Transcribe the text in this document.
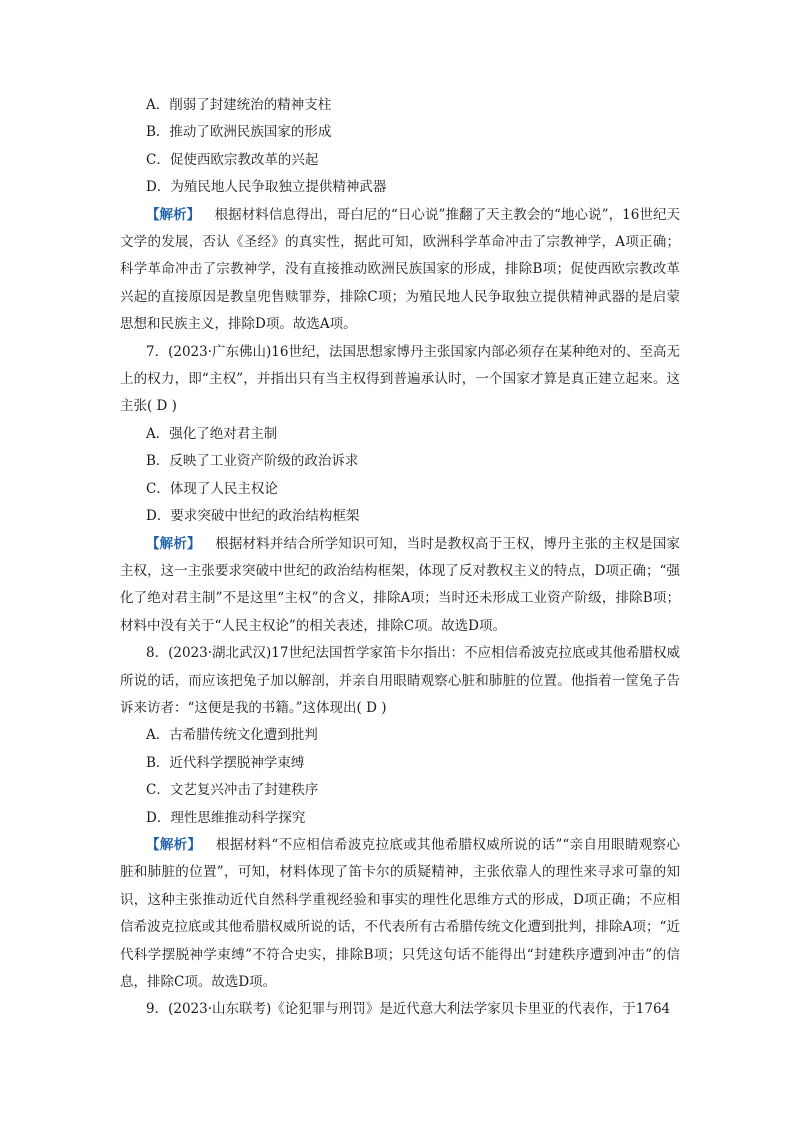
A．削弱了封建统治的精神支柱
B．推动了欧洲民族国家的形成
C．促使西欧宗教改革的兴起
D．为殖民地人民争取独立提供精神武器
【解析】 根据材料信息得出，哥白尼的“日心说”推翻了天主教会的“地心说”，16世纪天文学的发展，否认《圣经》的真实性，据此可知，欧洲科学革命冲击了宗教神学，A项正确；科学革命冲击了宗教神学，没有直接推动欧洲民族国家的形成，排除B项；促使西欧宗教改革兴起的直接原因是教皇兜售赎罪券，排除C项；为殖民地人民争取独立提供精神武器的是启蒙思想和民族主义，排除D项。故选A项。
7．(2023·广东佛山)16世纪，法国思想家博丹主张国家内部必须存在某种绝对的、至高无上的权力，即“主权”，并指出只有当主权得到普遍承认时，一个国家才算是真正建立起来。这主张( D )
A．强化了绝对君主制
B．反映了工业资产阶级的政治诉求
C．体现了人民主权论
D．要求突破中世纪的政治结构框架
【解析】 根据材料并结合所学知识可知，当时是教权高于王权，博丹主张的主权是国家主权，这一主张要求突破中世纪的政治结构框架，体现了反对教权主义的特点，D项正确；“强化了绝对君主制”不是这里“主权”的含义，排除A项；当时还未形成工业资产阶级，排除B项；材料中没有关于“人民主权论”的相关表述，排除C项。故选D项。
8．(2023·湖北武汉)17世纪法国哲学家笛卡尔指出：不应相信希波克拉底或其他希腊权威所说的话，而应该把兔子加以解剖，并亲自用眼睛观察心脏和肺脏的位置。他指着一筐兔子告诉来访者：“这便是我的书籍。”这体现出( D )
A．古希腊传统文化遭到批判
B．近代科学摆脱神学束缚
C．文艺复兴冲击了封建秩序
D．理性思维推动科学探究
【解析】 根据材料“不应相信希波克拉底或其他希腊权威所说的话”“亲自用眼睛观察心脏和肺脏的位置”，可知，材料体现了笛卡尔的质疑精神，主张依靠人的理性来寻求可靠的知识，这种主张推动近代自然科学重视经验和事实的理性化思维方式的形成，D项正确；不应相信希波克拉底或其他希腊权威所说的话，不代表所有古希腊传统文化遭到批判，排除A项；“近代科学摆脱神学束缚”不符合史实，排除B项；只凭这句话不能得出“封建秩序遭到冲击”的信息，排除C项。故选D项。
9．(2023·山东联考)《论犯罪与刑罚》是近代意大利法学家贝卡里亚的代表作，于1764
